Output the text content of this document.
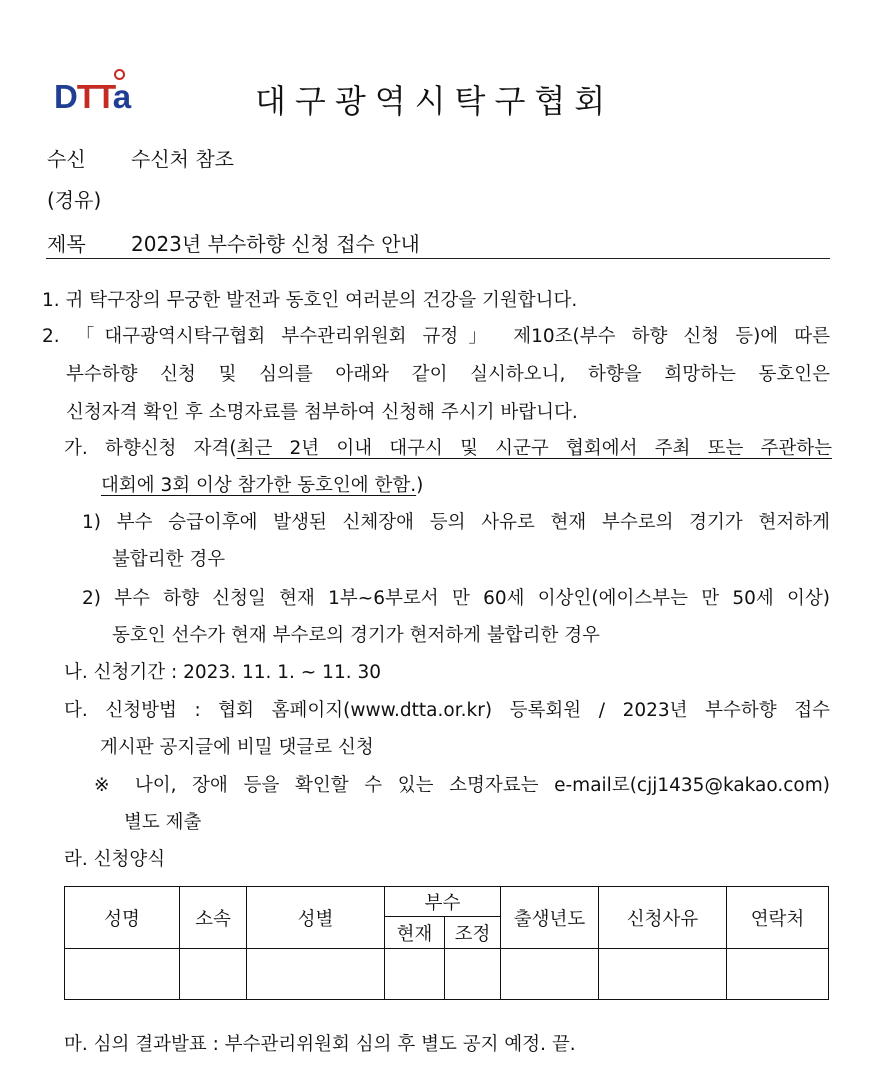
DTTa	대구광역시탁구협회
수신 수신처 참조
(경유)
제목 2023년 부수하향 신청 접수 안내
1. 귀 탁구장의 무궁한 발전과 동호인 여러분의 건강을 기원합니다.
2. 「대구광역시탁구협회 부수관리위원회 규정」 제10조(부수 하향 신청 등)에 따른
부수하향 신청 및 심의를 아래와 같이 실시하오니, 하향을 희망하는 동호인은
신청자격 확인 후 소명자료를 첨부하여 신청해 주시기 바랍니다.
가. 하향신청 자격(최근 2년 이내 대구시 및 시군구 협회에서 주최 또는 주관하는
대회에 3회 이상 참가한 동호인에 한함.)
1) 부수 승급이후에 발생된 신체장애 등의 사유로 현재 부수로의 경기가 현저하게
불합리한 경우
2) 부수 하향 신청일 현재 1부~6부로서 만 60세 이상인(에이스부는 만 50세 이상)
동호인 선수가 현재 부수로의 경기가 현저하게 불합리한 경우
나. 신청기간 : 2023. 11. 1. ~ 11. 30
다. 신청방법 : 협회 홈페이지(www.dtta.or.kr) 등록회원 / 2023년 부수하향 접수
게시판 공지글에 비밀 댓글로 신청
※ 나이, 장애 등을 확인할 수 있는 소명자료는 e-mail로(cjj1435@kakao.com)
별도 제출
라. 신청양식
성명	소속	성별	부수		출생년도	신청사유	연락처
			현재	조정			

마. 심의 결과발표 : 부수관리위원회 심의 후 별도 공지 예정. 끝.
